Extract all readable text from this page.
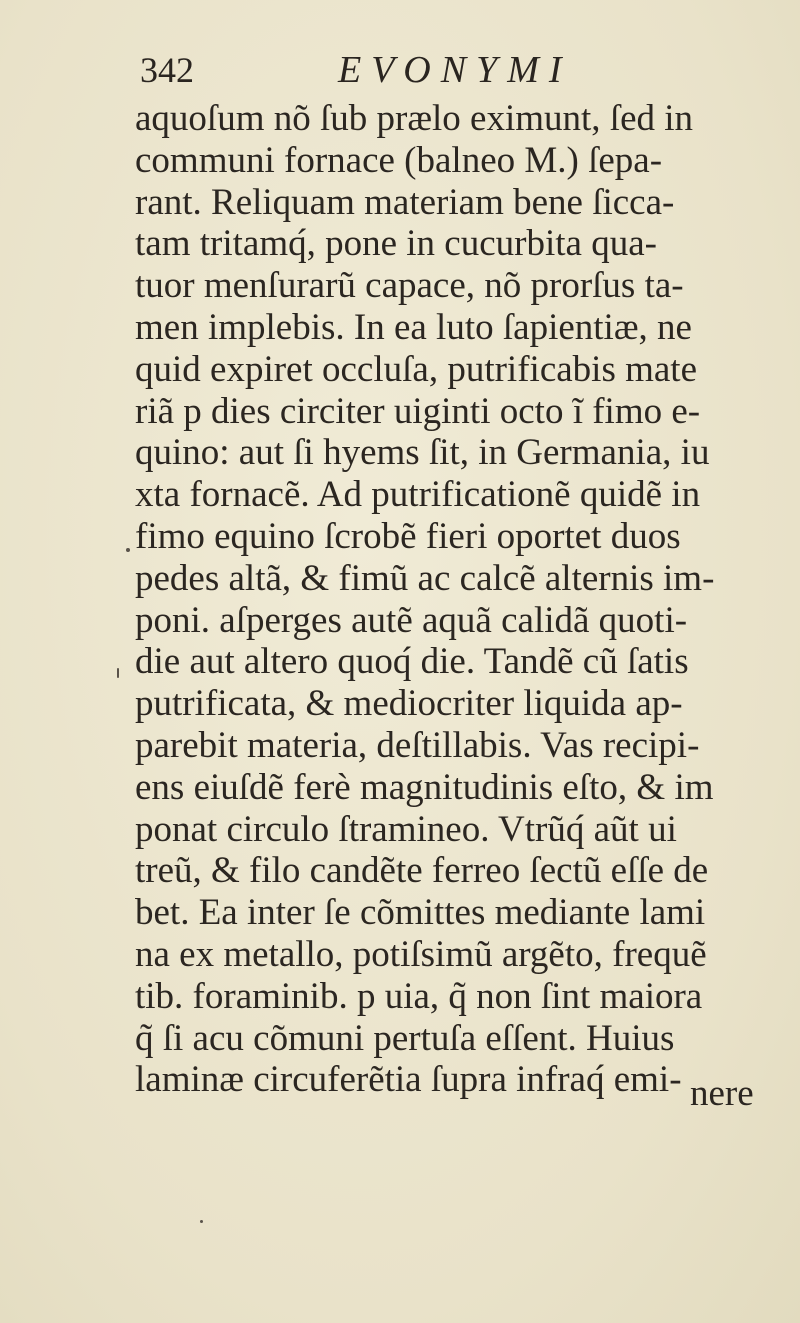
342	EVONYMI
aquoſum nõ ſub prælo eximunt, ſed in
communi fornace (balneo M.) ſepa-
rant. Reliquam materiam bene ſicca-
tam tritamq́, pone in cucurbita qua-
tuor menſurarũ capace, nõ prorſus ta-
men implebis. In ea luto ſapientiæ, ne
quid expiret occluſa, putrificabis mate
riã p dies circiter uiginti octo ĩ fimo e-
quino: aut ſi hyems ſit, in Germania, iu
xta fornacẽ. Ad putrificationẽ quidẽ in
fimo equino ſcrobẽ fieri oportet duos
pedes altã, & fimũ ac calcẽ alternis im-
poni. aſperges autẽ aquã calidã quoti-
die aut altero quoq́ die. Tandẽ cũ ſatis
putrificata, & mediocriter liquida ap-
parebit materia, deſtillabis. Vas recipi-
ens eiuſdẽ ferè magnitudinis eſto, & im
ponat circulo ſtramineo. Vtrũq́ aũt ui
treũ, & filo candẽte ferreo ſectũ eſſe de
bet. Ea inter ſe cõmittes mediante lami
na ex metallo, potiſsimũ argẽto, frequẽ
tib. foraminib. p uia, q̃ non ſint maiora
q̃ ſi acu cõmuni pertuſa eſſent. Huius
laminæ circuferẽtia ſupra infraq́ emi- nere
